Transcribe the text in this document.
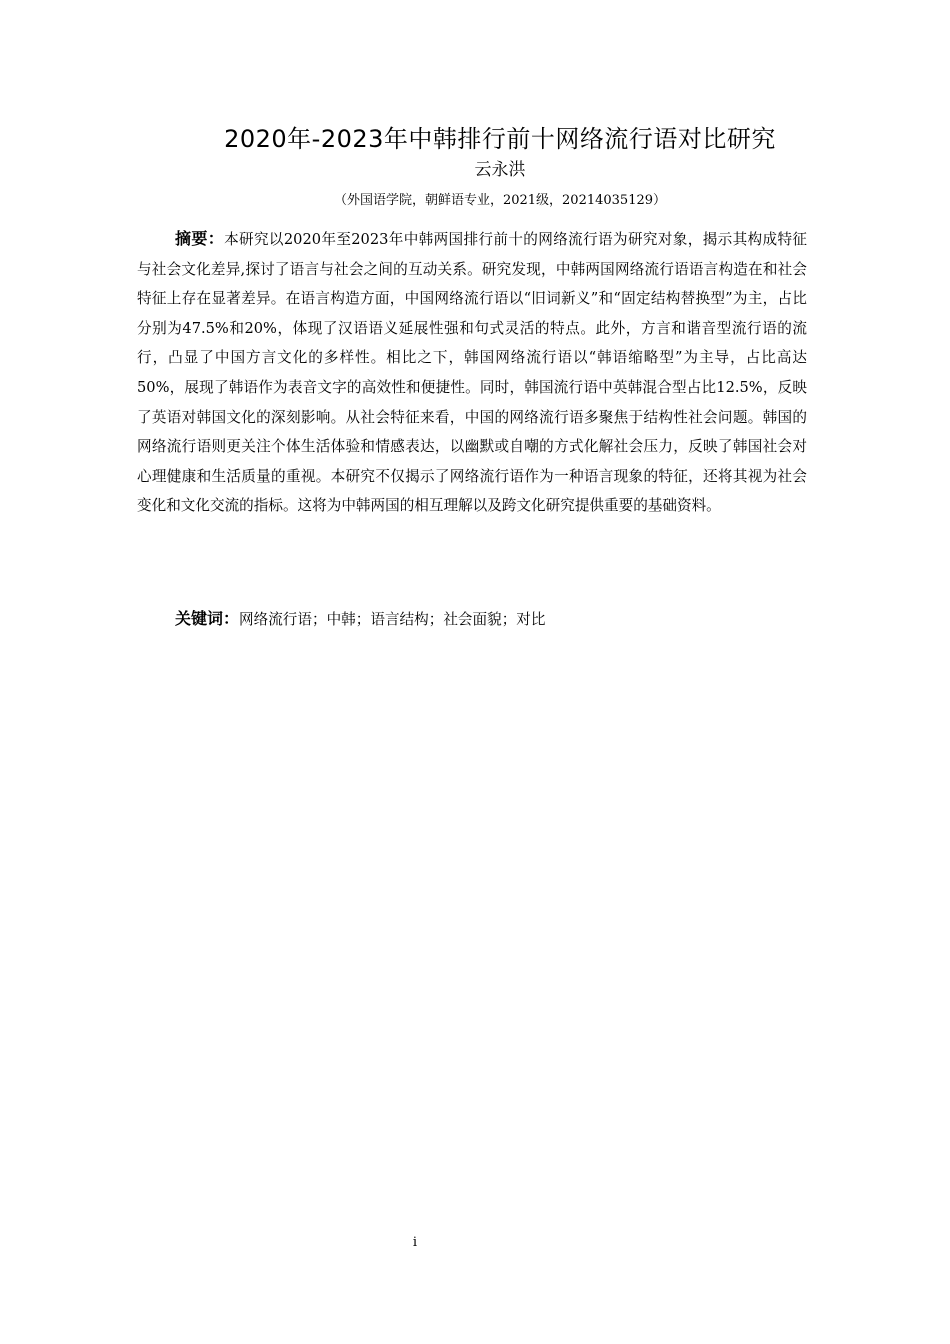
2020年-2023年中韩排行前十网络流行语对比研究
云永洪
（外国语学院，朝鲜语专业，2021级，20214035129）

摘要：本研究以2020年至2023年中韩两国排行前十的网络流行语为研究对象，揭示其构成特征与社会文化差异,探讨了语言与社会之间的互动关系。研究发现，中韩两国网络流行语语言构造在和社会特征上存在显著差异。在语言构造方面，中国网络流行语以“旧词新义”和“固定结构替换型”为主，占比分别为47.5%和20%，体现了汉语语义延展性强和句式灵活的特点。此外，方言和谐音型流行语的流行，凸显了中国方言文化的多样性。相比之下，韩国网络流行语以“韩语缩略型”为主导，占比高达50%，展现了韩语作为表音文字的高效性和便捷性。同时，韩国流行语中英韩混合型占比12.5%，反映了英语对韩国文化的深刻影响。从社会特征来看，中国的网络流行语多聚焦于结构性社会问题。韩国的网络流行语则更关注个体生活体验和情感表达，以幽默或自嘲的方式化解社会压力，反映了韩国社会对心理健康和生活质量的重视。本研究不仅揭示了网络流行语作为一种语言现象的特征，还将其视为社会变化和文化交流的指标。这将为中韩两国的相互理解以及跨文化研究提供重要的基础资料。

关键词：网络流行语；中韩；语言结构；社会面貌；对比

i
